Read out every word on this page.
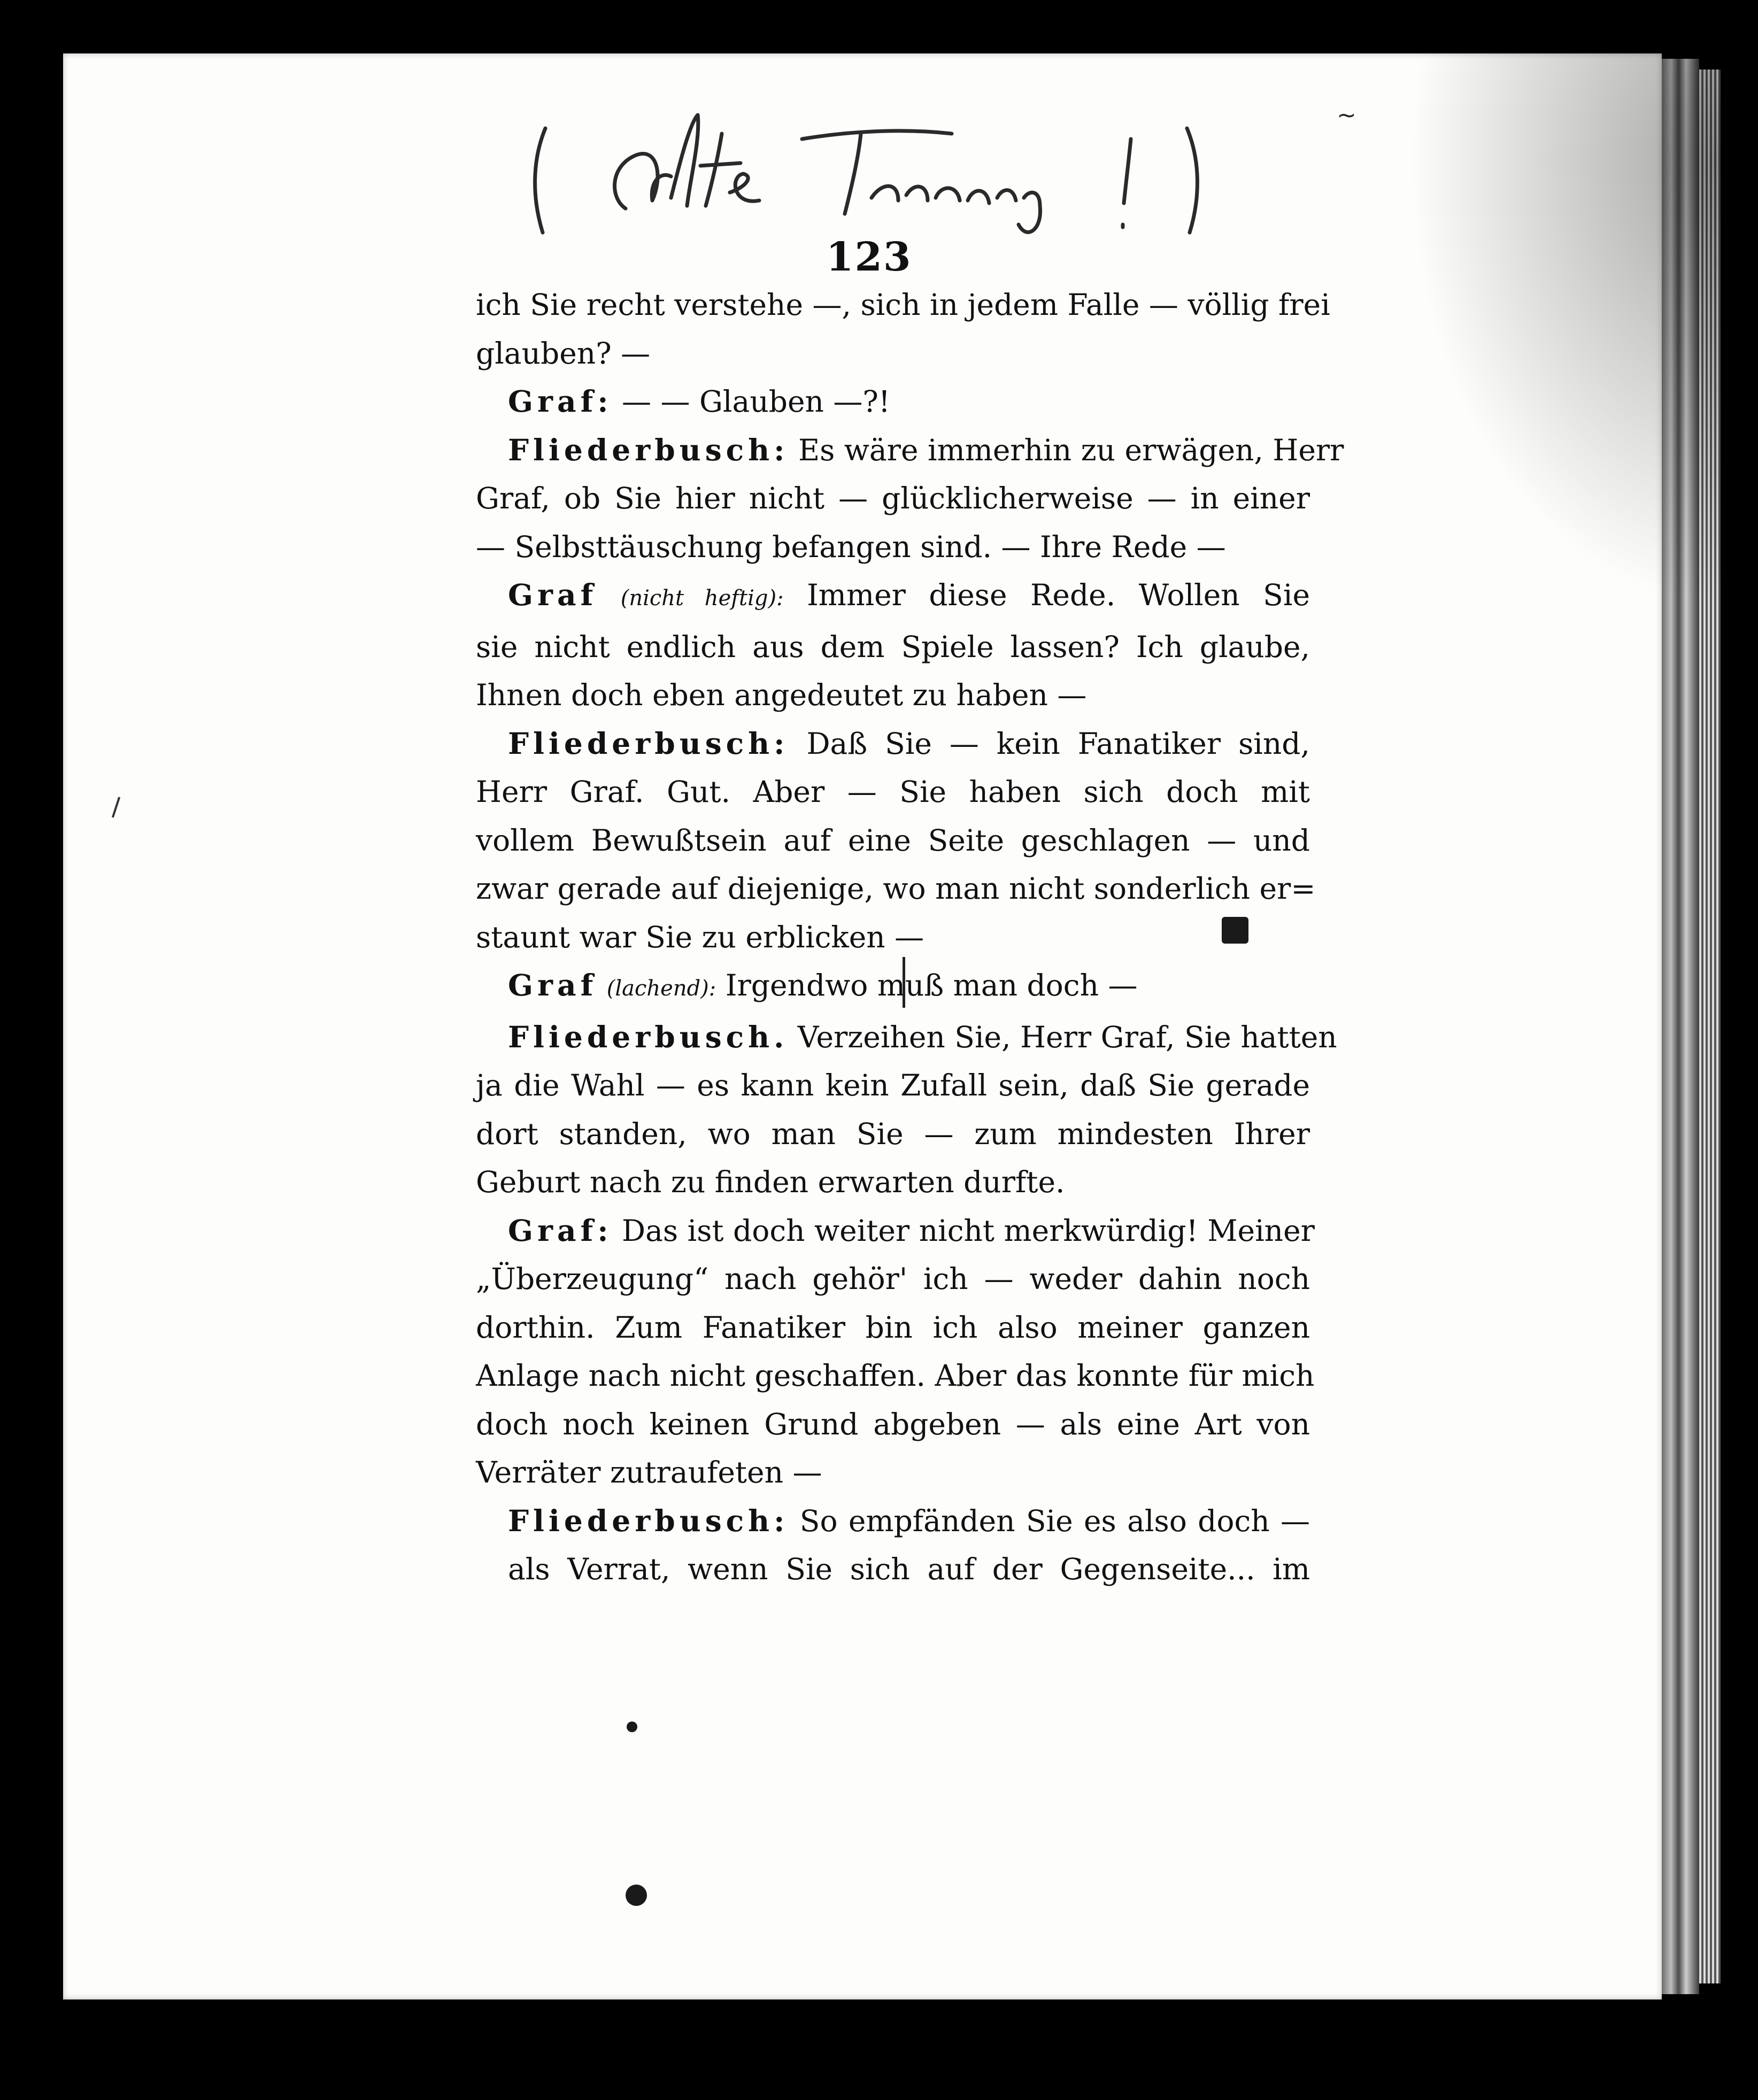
( Alte Fassung ! )
123
ich Sie recht verstehe —, sich in jedem Falle — völlig frei
glauben? —
Graf: — — Glauben —?!
Fliederbusch: Es wäre immerhin zu erwägen, Herr
Graf, ob Sie hier nicht — glücklicherweise — in einer
— Selbsttäuschung befangen sind. — Ihre Rede —
Graf (nicht heftig): Immer diese Rede. Wollen Sie
sie nicht endlich aus dem Spiele lassen? Ich glaube,
Ihnen doch eben angedeutet zu haben —
Fliederbusch: Daß Sie — kein Fanatiker sind,
Herr Graf. Gut. Aber — Sie haben sich doch mit
vollem Bewußtsein auf eine Seite geschlagen — und
zwar gerade auf diejenige, wo man nicht sonderlich er=
staunt war Sie zu erblicken —
Graf (lachend): Irgendwo muß man doch —
Fliederbusch. Verzeihen Sie, Herr Graf, Sie hatten
ja die Wahl — es kann kein Zufall sein, daß Sie gerade
dort standen, wo man Sie — zum mindesten Ihrer
Geburt nach zu finden erwarten durfte.
Graf: Das ist doch weiter nicht merkwürdig! Meiner
„Überzeugung“ nach gehör' ich — weder dahin noch
dorthin. Zum Fanatiker bin ich also meiner ganzen
Anlage nach nicht geschaffen. Aber das konnte für mich
doch noch keinen Grund abgeben — als eine Art von
Verräter zutraufeten —
Fliederbusch: So empfänden Sie es also doch —
als Verrat, wenn Sie sich auf der Gegenseite... im
~
